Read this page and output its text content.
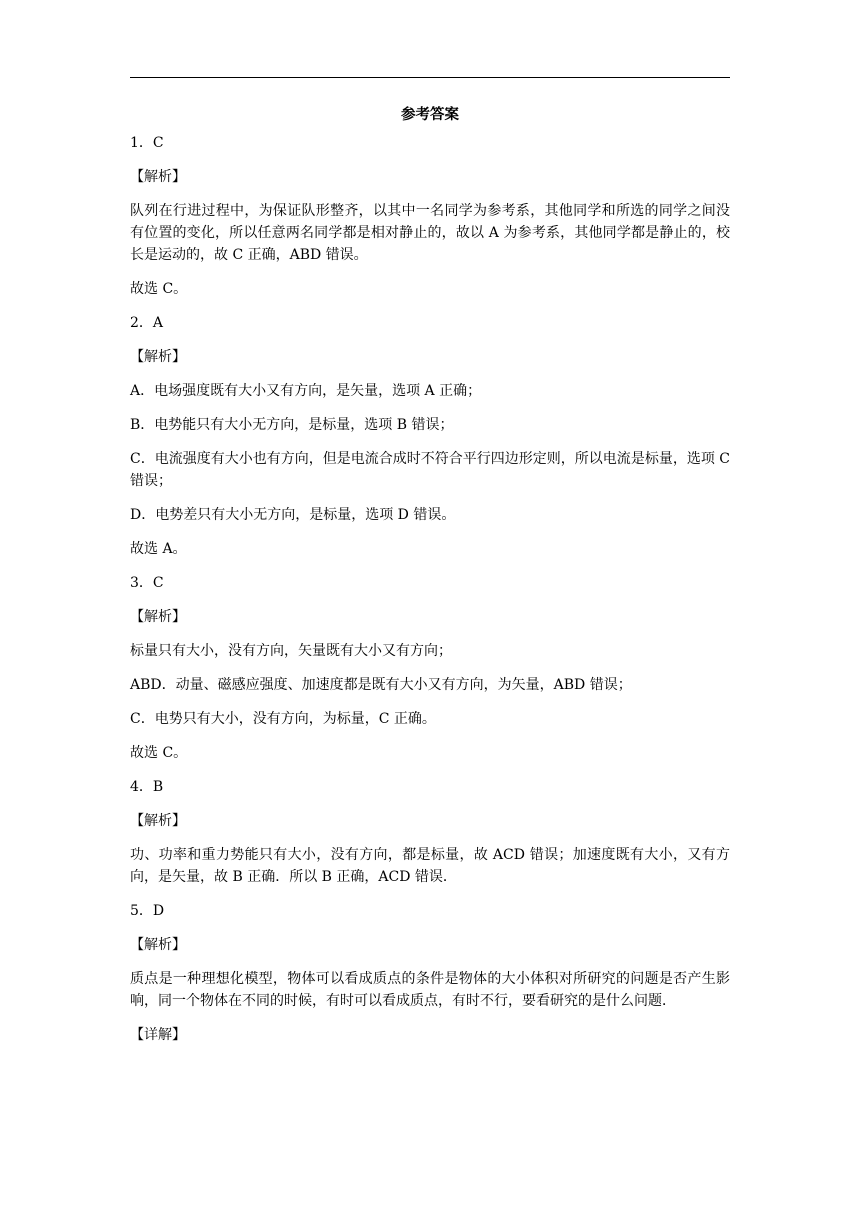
参考答案

1．C

【解析】

队列在行进过程中，为保证队形整齐，以其中一名同学为参考系，其他同学和所选的同学之间没有位置的变化，所以任意两名同学都是相对静止的，故以 A 为参考系，其他同学都是静止的，校长是运动的，故 C 正确，ABD 错误。

故选 C。

2．A

【解析】

A．电场强度既有大小又有方向，是矢量，选项 A 正确；

B．电势能只有大小无方向，是标量，选项 B 错误；

C．电流强度有大小也有方向，但是电流合成时不符合平行四边形定则，所以电流是标量，选项 C 错误；

D．电势差只有大小无方向，是标量，选项 D 错误。

故选 A。

3．C

【解析】

标量只有大小，没有方向，矢量既有大小又有方向；

ABD．动量、磁感应强度、加速度都是既有大小又有方向，为矢量，ABD 错误；

C．电势只有大小，没有方向，为标量，C 正确。

故选 C。

4．B

【解析】

功、功率和重力势能只有大小，没有方向，都是标量，故 ACD 错误；加速度既有大小，又有方向，是矢量，故 B 正确．所以 B 正确，ACD 错误．

5．D

【解析】

质点是一种理想化模型，物体可以看成质点的条件是物体的大小体积对所研究的问题是否产生影响，同一个物体在不同的时候，有时可以看成质点，有时不行，要看研究的是什么问题．

【详解】
